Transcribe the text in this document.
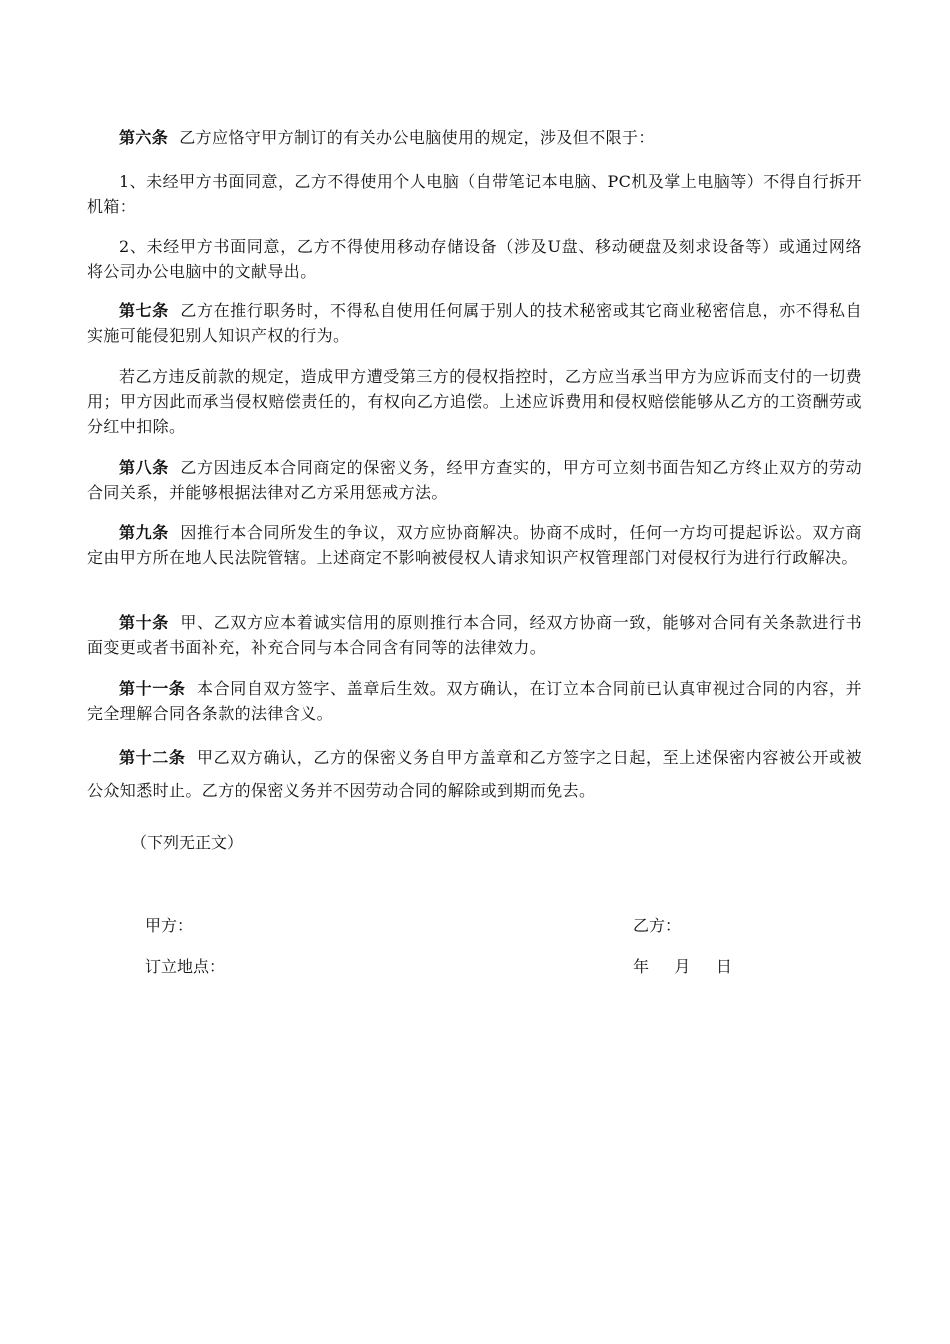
第六条 乙方应恪守甲方制订的有关办公电脑使用的规定，涉及但不限于：

1、未经甲方书面同意，乙方不得使用个人电脑（自带笔记本电脑、PC机及掌上电脑等）不得自行拆开机箱：

2、未经甲方书面同意，乙方不得使用移动存储设备（涉及U盘、移动硬盘及刻求设备等）或通过网络将公司办公电脑中的文献导出。

第七条 乙方在推行职务时，不得私自使用任何属于别人的技术秘密或其它商业秘密信息，亦不得私自实施可能侵犯别人知识产权的行为。

若乙方违反前款的规定，造成甲方遭受第三方的侵权指控时，乙方应当承当甲方为应诉而支付的一切费用；甲方因此而承当侵权赔偿责任的，有权向乙方追偿。上述应诉费用和侵权赔偿能够从乙方的工资酬劳或分红中扣除。

第八条 乙方因违反本合同商定的保密义务，经甲方查实的，甲方可立刻书面告知乙方终止双方的劳动合同关系，并能够根据法律对乙方采用惩戒方法。

第九条 因推行本合同所发生的争议，双方应协商解决。协商不成时，任何一方均可提起诉讼。双方商定由甲方所在地人民法院管辖。上述商定不影响被侵权人请求知识产权管理部门对侵权行为进行行政解决。

第十条 甲、乙双方应本着诚实信用的原则推行本合同，经双方协商一致，能够对合同有关条款进行书面变更或者书面补充，补充合同与本合同含有同等的法律效力。

第十一条 本合同自双方签字、盖章后生效。双方确认，在订立本合同前已认真审视过合同的内容，并完全理解合同各条款的法律含义。

第十二条 甲乙双方确认，乙方的保密义务自甲方盖章和乙方签字之日起，至上述保密内容被公开或被公众知悉时止。乙方的保密义务并不因劳动合同的解除或到期而免去。

（下列无正文）
甲方：	乙方：
订立地点：	年     月     日
